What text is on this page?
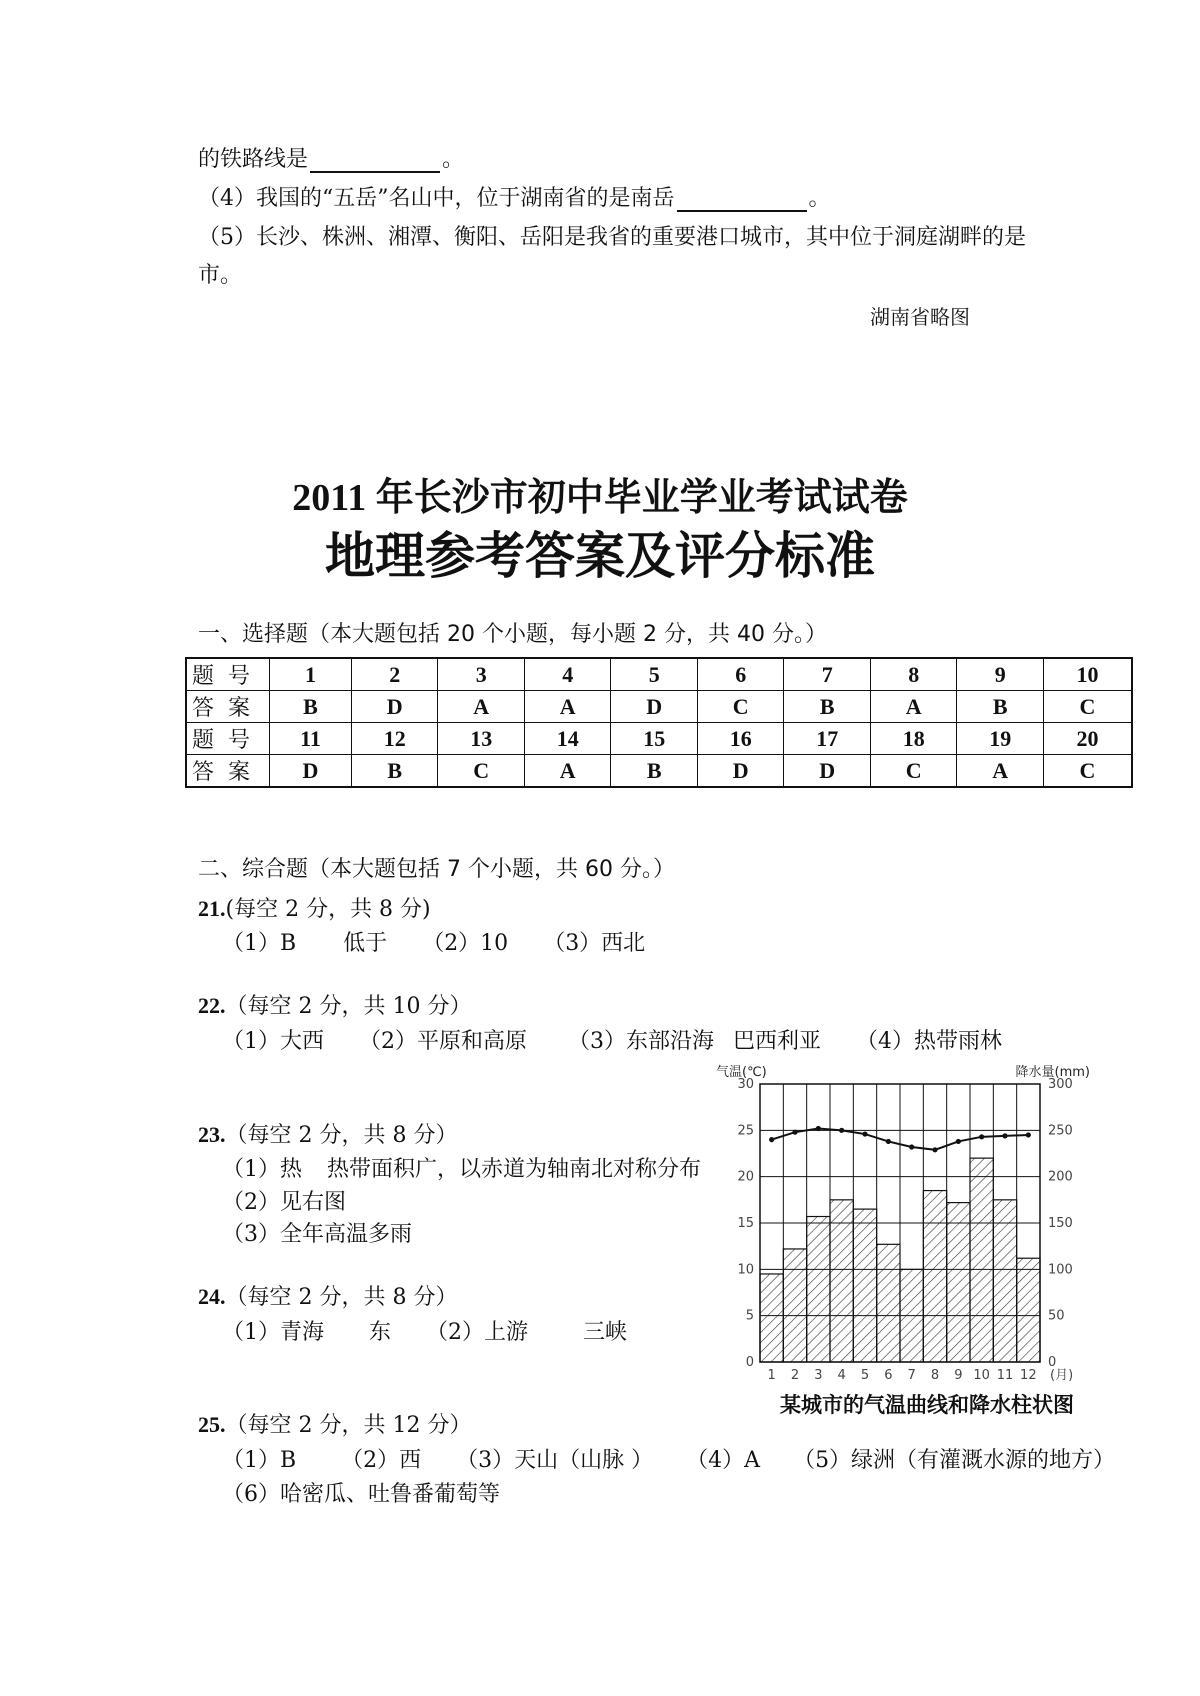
的铁路线是	。
（4）我国的“五岳”名山中，位于湖南省的是南岳	。
（5）长沙、株洲、湘潭、衡阳、岳阳是我省的重要港口城市，其中位于洞庭湖畔的是
市。
湖南省略图
2011 年长沙市初中毕业学业考试试卷
地理参考答案及评分标准
一、选择题（本大题包括 20 个小题，每小题 2 分，共 40 分。）
题号	1	2	3	4	5	6	7	8	9	10
答案	B	D	A	A	D	C	B	A	B	C
题号	11	12	13	14	15	16	17	18	19	20
答案	D	B	C	A	B	D	D	C	A	C
二、综合题（本大题包括 7 个小题，共 60 分。）
21.(每空 2 分，共 8 分)
（1）B 低于 （2）10 （3）西北
22.（每空 2 分，共 10 分）
（1）大西 （2）平原和高原 （3）东部沿海 巴西利亚 （4）热带雨林
23.（每空 2 分，共 8 分）
（1）热 热带面积广，以赤道为轴南北对称分布
（2）见右图
（3）全年高温多雨
24.（每空 2 分，共 8 分）
（1）青海 东 （2）上游	三峡
25.（每空 2 分，共 12 分）
（1）B （2）西 （3）天山（山脉 ） （4）A （5）绿洲（有灌溉水源的地方）
（6）哈密瓜、吐鲁番葡萄等
气温(℃)	降水量(mm)
0
5
10
15
20
25
30
0
50
100
150
200
250
300
1 2 3 4 5 6 7 8 9 10 11 12 (月)
某城市的气温曲线和降水柱状图
